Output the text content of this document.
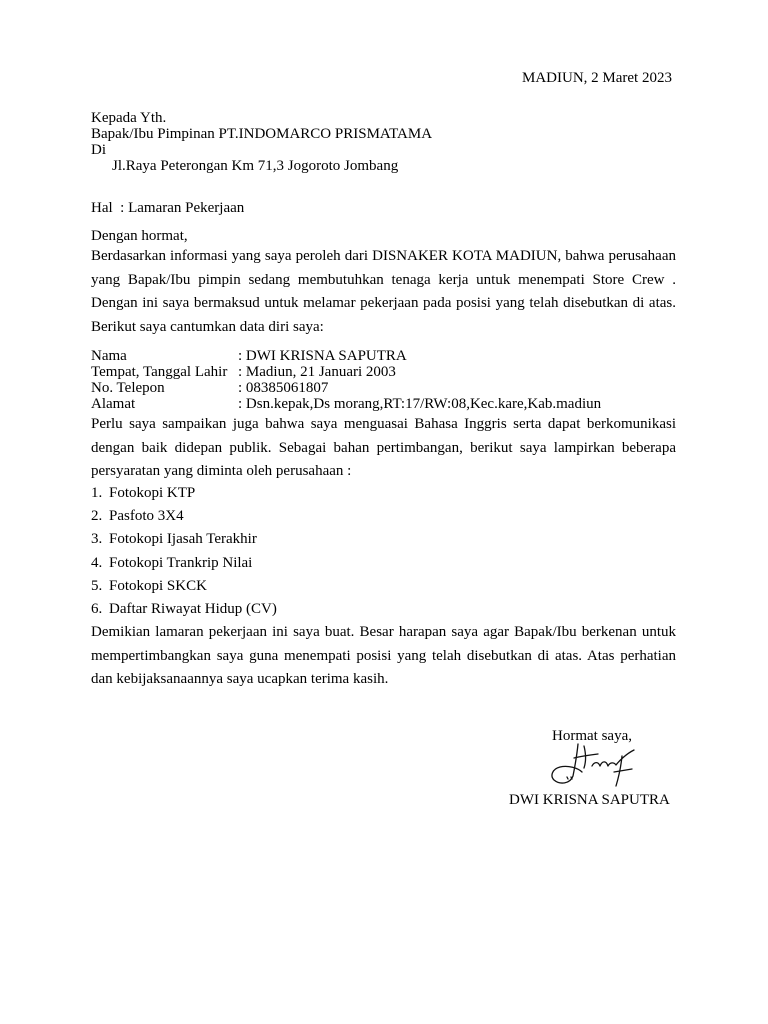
MADIUN, 2 Maret 2023
Kepada Yth.
Bapak/Ibu Pimpinan PT.INDOMARCO PRISMATAMA
Di
Jl.Raya Peterongan Km 71,3 Jogoroto Jombang
Hal  : Lamaran Pekerjaan
Dengan hormat,
Berdasarkan informasi yang saya peroleh dari DISNAKER KOTA MADIUN, bahwa perusahaan yang Bapak/Ibu pimpin sedang membutuhkan tenaga kerja untuk menempati Store Crew . Dengan ini saya bermaksud untuk melamar pekerjaan pada posisi yang telah disebutkan di atas. Berikut saya cantumkan data diri saya:
Nama	: DWI KRISNA SAPUTRA
Tempat, Tanggal Lahir : Madiun, 21 Januari 2003
No. Telepon	: 08385061807
Alamat	: Dsn.kepak,Ds morang,RT:17/RW:08,Kec.kare,Kab.madiun
Perlu saya sampaikan juga bahwa saya menguasai Bahasa Inggris serta dapat berkomunikasi dengan baik didepan publik. Sebagai bahan pertimbangan, berikut saya lampirkan beberapa persyaratan yang diminta oleh perusahaan :
1. Fotokopi KTP
2. Pasfoto 3X4
3. Fotokopi Ijasah Terakhir
4. Fotokopi Trankrip Nilai
5. Fotokopi SKCK
6. Daftar Riwayat Hidup (CV)
Demikian lamaran pekerjaan ini saya buat. Besar harapan saya agar Bapak/Ibu berkenan untuk mempertimbangkan saya guna menempati posisi yang telah disebutkan di atas. Atas perhatian dan kebijaksanaannya saya ucapkan terima kasih.
Hormat saya,
DWI KRISNA SAPUTRA
